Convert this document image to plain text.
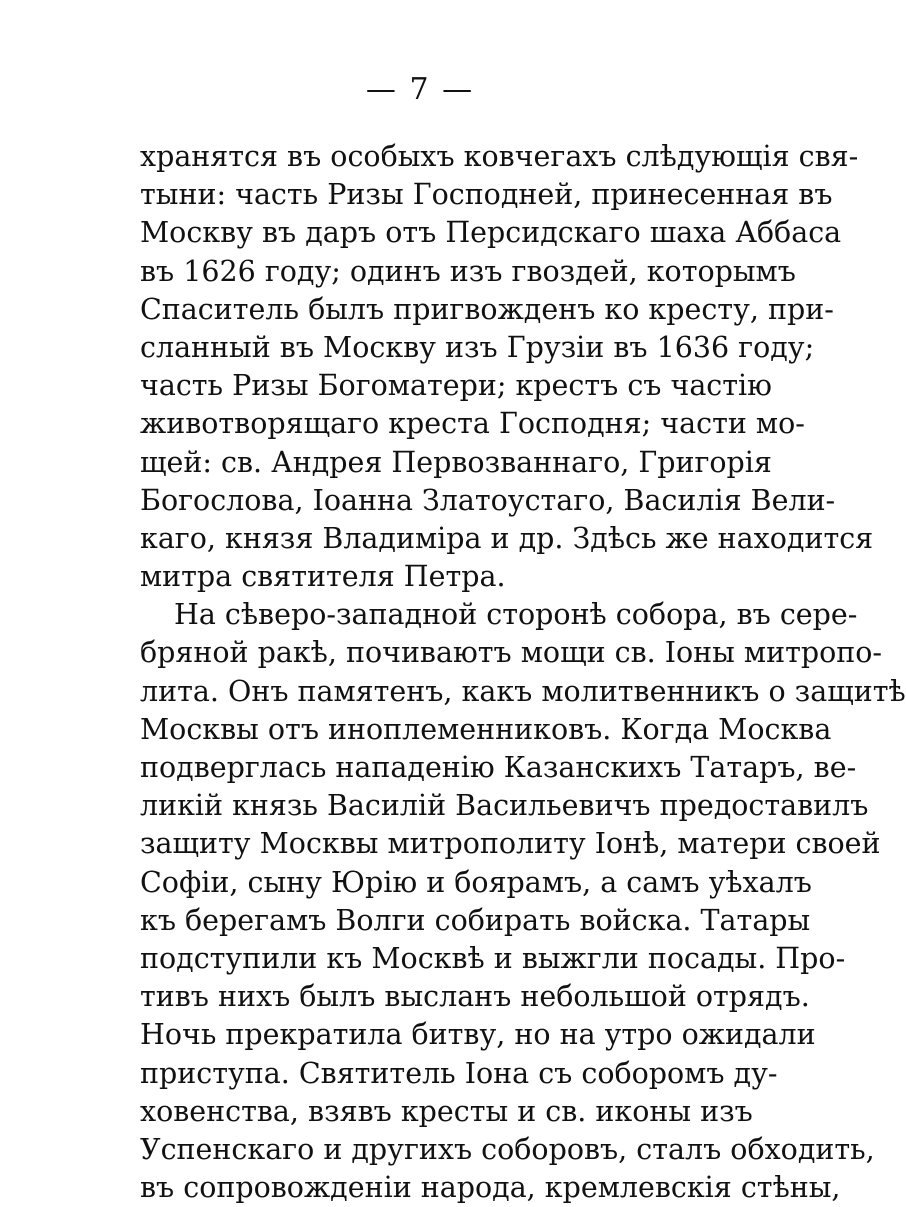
— 7 —
хранятся въ особыхъ ковчегахъ слѣдующія свя-
тыни: часть Ризы Господней, принесенная въ
Москву въ даръ отъ Персидскаго шаха Аббаса
въ 1626 году; одинъ изъ гвоздей, которымъ
Спаситель былъ пригвожденъ ко кресту, при-
сланный въ Москву изъ Грузіи въ 1636 году;
часть Ризы Богоматери; крестъ съ частію
животворящаго креста Господня; части мо-
щей: св. Андрея Первозваннаго, Григорія
Богослова, Іоанна Златоустаго, Василія Вели-
каго, князя Владиміра и др. Здѣсь же находится
митра святителя Петра.
На сѣверо-западной сторонѣ собора, въ сере-
бряной ракѣ, почиваютъ мощи св. Іоны митропо-
лита. Онъ памятенъ, какъ молитвенникъ о защитѣ
Москвы отъ иноплеменниковъ. Когда Москва
подверглась нападенію Казанскихъ Татаръ, ве-
ликій князь Василій Васильевичъ предоставилъ
защиту Москвы митрополиту Іонѣ, матери своей
Софіи, сыну Юрію и боярамъ, а самъ уѣхалъ
къ берегамъ Волги собирать войска. Татары
подступили къ Москвѣ и выжгли посады. Про-
тивъ нихъ былъ высланъ небольшой отрядъ.
Ночь прекратила битву, но на утро ожидали
приступа. Святитель Іона съ соборомъ ду-
ховенства, взявъ кресты и св. иконы изъ
Успенскаго и другихъ соборовъ, сталъ обходить,
въ сопровожденіи народа, кремлевскія стѣны,
